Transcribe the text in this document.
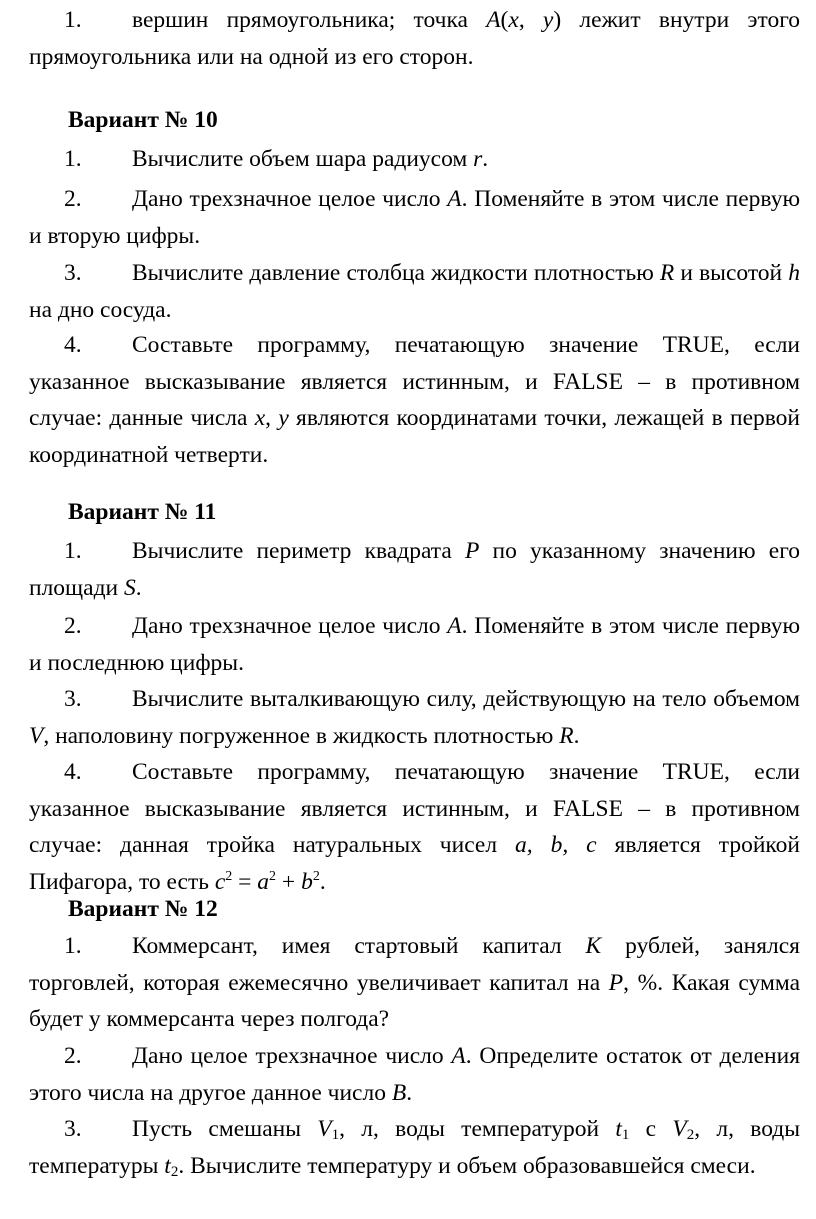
1. вершин прямоугольника; точка A(x, y) лежит внутри этого прямоугольника или на одной из его сторон.
Вариант № 10
1. Вычислите объем шара радиусом r.
2. Дано трехзначное целое число A. Поменяйте в этом числе первую и вторую цифры.
3. Вычислите давление столбца жидкости плотностью R и высотой h на дно сосуда.
4. Составьте программу, печатающую значение TRUE, если указанное высказывание является истинным, и FALSE – в противном случае: данные числа x, y являются координатами точки, лежащей в первой координатной четверти.
Вариант № 11
1. Вычислите периметр квадрата P по указанному значению его площади S.
2. Дано трехзначное целое число A. Поменяйте в этом числе первую и последнюю цифры.
3. Вычислите выталкивающую силу, действующую на тело объемом V, наполовину погруженное в жидкость плотностью R.
4. Составьте программу, печатающую значение TRUE, если указанное высказывание является истинным, и FALSE – в противном случае: данная тройка натуральных чисел a, b, c является тройкой Пифагора, то есть $c^2 = a^2 + b^2$.
Вариант № 12
1. Коммерсант, имея стартовый капитал K рублей, занялся торговлей, которая ежемесячно увеличивает капитал на P, %. Какая сумма будет у коммерсанта через полгода?
2. Дано целое трехзначное число A. Определите остаток от деления этого числа на другое данное число B.
3. Пусть смешаны $V_1$, л, воды температурой $t_1$ с $V_2$, л, воды температуры $t_2$. Вычислите температуру и объем образовавшейся смеси.
